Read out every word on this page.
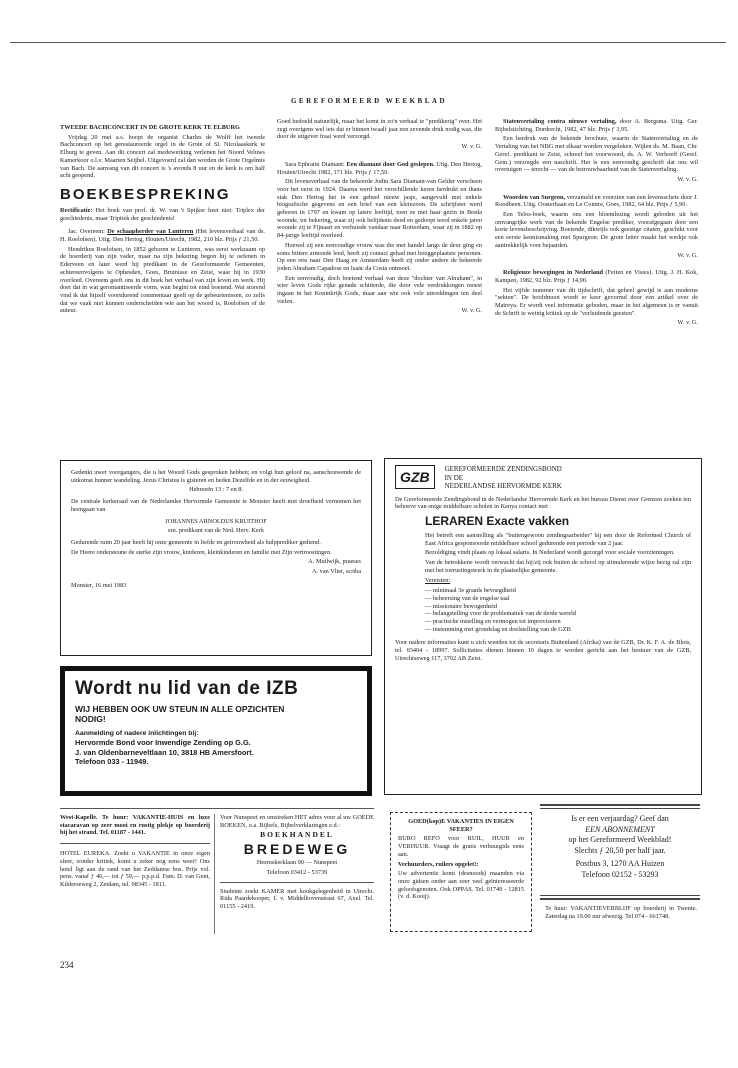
GEREFORMEERD WEEKBLAD

TWEEDE BACHCONCERT IN DE GROTE KERK TE ELBURG

Vrijdag 20 mei a.s. hoopt de organist Charles de Wolff het tweede Bachconcert op het gerestaureerde orgel in de Grote of St. Nicolaaskerk te Elburg te geven. Aan dit concert zal medewerking verlenen het Noord Veluws Kamerkoor o.l.v. Maarten Seijbel. Uitgevoerd zal dan worden de Grote Orgelmis van Bach. De aanvang van dit concert is 's avonds 8 uur en de kerk is om half acht geopend.

BOEKBESPREKING

Rectificatie: Het boek van prof. dr. W. van 't Spijker heet niet: Triplex der geschiedenis, maar Triptiek der geschiedenis!

Jac. Overeem: De schaapherder van Lunteren (Het levensverhaal van ds. H. Roelofsen). Uitg. Den Hertog, Houten/Utrecht, 1982, 210 blz. Prijs ƒ 21,50.

Hendrikus Roelofsen, in 1852 geboren te Lunteren, was eerst werkzaam op de boerderij van zijn vader, maar na zijn bekering begon hij te oefenen in Ederveen en later werd hij predikant in de Gereformeerde Gemeenten, achtereenvolgens te Ophesden, Goes, Bruinisse en Zeist, waar hij in 1930 overleed. Overeem geeft ons in dit boek het verhaal van zijn leven en werk. Hij doet dat in wat geromantiseerde vorm, wan begint tot eind boeiend. Wat storend vind ik dat hijzelf voortdurend commentaar geeft op de gebeurtenissen, zo zelfs dat we vaak niet kunnen onderscheiden wie aan het woord is, Roelofsen of de auteur.

Goed bedoeld natuurlijk, maar het komt in zo'n verhaal te "predikerig" over. Het zegt overigens wel iets dat er binnen twaalf jaar een zevende druk nodig was, die door de uitgever fraai werd verzorgd.

W. v. G.

Sara Ephraim Diamant: Een diamant door God geslepen. Uitg. Den Hertog, Houten/Utrecht 1982, 171 blz. Prijs ƒ 17,50.

Dit levensverhaal van de bekeerde Jodin Sara Diamant-van Gelder verscheen voor het eerst in 1924. Daarna werd het verschillende keren herdrukt en thans stak Den Hertog het in een geheel nieuw jasje, aangevuld met enkele biografische gegevens en een brief van een kleinzoon. De schrijfster werd geboren in 1797 en kwam op latere leeftijd, toen ze met haar gezin in Breda woonde, tot bekering, waar zij ook belijdenis deed en gedoopt werd enkele jaren woonde zij te Fijnaart en verhuisde vandaar naar Rotterdam, waar zij in 1882 op 84-jarige leeftijd overleed.

Hoewel zij een eenvoudige vrouw was die met handel langs de deur ging en soms bittere armoede leed, heeft zij contact gehad met hooggeplaatste personen. Op een reis naar Den Haag en Amsterdam heeft zij onder andere de bekeerde joden Abraham Capadose en Isaäc da Costa ontmoet.

Een eenvoudig, doch boeiend verhaal van deze "dochter van Abraham", in wier leven Gods rijke genade schitterde, die door vele verdrukkingen moest ingaan in het Koninkrijk Gods, maar aan wie ook vele uitreddingen ten deel vielen.

W. v. G.

Statenvertaling contra nieuwe vertaling, door A. Bergsma. Uitg. Ger. Bijbelstichting, Dordrecht, 1982, 47 blz. Prijs ƒ 3,95.

Een herdruk van de bekende brochure, waarin de Statenvertaling en de Vertaling van het NBG met elkaar worden vergeleken. Wijlen ds. M. Baan, Chr. Geref. predikant te Zeist, schreef het voorwoord, ds. A. W. Verhoeff (Geref. Gem.) verzorgde een naschrift. Het is een eenvoudig geschrift dat ons wil overtuigen — terecht — van de betrouwbaarheid van de Statenvertaling.

W. v. G.

Woorden van Surgeon, verzameld en voorzien van een levensschets door J. Roodbeen. Uitg. Oosterbaan en Le Cointre, Goes, 1982, 64 blz. Prijs ƒ 5,90.

Een Telos-boek, waarin ons een bloemlezing wordt geboden uit het omvangrijke werk van de bekende Engelse prediker, voorafgegaan door een korte levensbeschrijving. Boeiende, dikwijls ook geestige citaten, geschikt voor een eerste kennismaking met Spurgeon. De grote letter maakt het werkje ook aantrekkelijk voor bejaarden.

W. v. G.

Religieuze bewegingen in Nederland (Feiten en Visies). Uitg. J. H. Kok, Kampen, 1982, 92 blz. Prijs ƒ 14,90.

Het vijfde nummer van dit tijdschrift, dat geheel gewijd is aan moderne "sekten". De hoofdmoot wordt er keer gevormd door een artikel over de Matreya. Er wordt veel informatie geboden, maar in het algemeen is er vanuit de Schrift te weinig kritiek op de "verleidende geesten".

W. v. G.

Gedenkt uwer voorgangers, die u het Woord Gods gesproken hebben; en volgt hun geloof na, aanschouwende de uitkomst hunner wandeling. Jezus Christus is gisteren en heden Dezelfde en in der eeuwigheid.

Hebreeën 13 : 7 en 8.

De centrale kerkeraad van de Nederlandse Hervormde Gemeente te Monster heeft met droefheid vernomen het heengaan van

JOHANNES ARNOLDUS KRUITHOF

em. predikant van de Ned. Herv. Kerk

Gedurende ruim 20 jaar heeft hij onze gemeente in liefde en getrouwheid als hulpprediker gediend.

De Heere ondersteune de sterke zijn vrouw, kinderen, kleinkinderen en familie met Zijn vertroostingen.

A. Muilwijk, praeses

A. van Vliet, scriba

Monster, 16 mei 1983

Wordt nu lid van de IZB
WIJ HEBBEN OOK UW STEUN IN ALLE OPZICHTEN NODIG!
Aanmelding of nadere inlichtingen bij:
Hervormde Bond voor Inwendige Zending op G.G.
J. van Oldenbarneveltlaan 10, 3818 HB Amersfoort.
Telefoon 033 - 11949.
GZB	GEREFORMEERDE ZENDINGSBOND
IN DE
NEDERLANDSE HERVORMDE KERK

De Gereformeerde Zendingsbond in de Nederlandse Hervormde Kerk en het bureau Dienst over Grenzen zoeken ten behoeve van enige middelbare scholen in Kenya contact met

LERAREN Exacte vakken

Het betreft een aanstelling als "buitengewoon zendingsarbeider" bij een door de Reformed Church of East Africa gesponsoorde middelbare school gedurende een periode van 2 jaar.

Bezoldiging vindt plaats op lokaal salaris. In Nederland wordt gezorgd voor sociale voorzieningen.

Van de betrokkene wordt verwacht dat hij/zij ook buiten de school op stimulerende wijze bezig zal zijn met het toerustingswerk in de plaatselijke gemeente.

Vereisten:

— minimaal 3e graads bevoegdheid

— beheersing van de engelse taal

— missionaire bewogenheid

— belangstelling voor de problematiek van de derde wereld

— practische instelling en vermogen tot improviseren

— instemming met grondslag en doelstelling van de GZB

Voor nadere informaties kunt u zich wenden tot de secretaris Buitenland (Afrika) van de GZB, Dr. K. F. A. de Blois, tel. 03404 - 18997. Sollicitaties dienen binnen 10 dagen te worden gericht aan het bestuur van de GZB, Utrechtseweg 117, 3702 AB Zeist.

West-Kapelle. Te huur: VAKANTIE-HUIS en luxe stacaravan op zeer mooi en rustig plekje op boerderij bij het strand. Tel. 01187 - 1441.

HOTEL EUREKA. Zoekt u VAKANTIE in onze eigen sfeer, zonder kritiek, komt u zeker nog eens weer! Ons hotel ligt aan de rand van het Zeddamse bos. Prijs vol. pens. vanaf ƒ 46,— tot ƒ 59,— p.p.p.d. Fam. D. van Gent, Kilderseweg 2, Zetdam, tel. 08345 - 1811.

Voor Nunspeet en omstreken HET adres voor al uw GOEDE BOEKEN, o.a. Bijbels, Bijbelverklaringen e.d.:

BOEKHANDEL

BREDEWEG

Heemskerklaan 90 — Nunspeet

Telefoon 03412 - 53739

Studente zoekt KAMER met kookgelegenheid in Utrecht. Rida Paardekooper, I. v. Middelhovenstraat 67, Axel. Tel. 01155 - 2419.

GOED(kop)E VAKANTIES IN EIGEN SFEER?

BURO REFO voor RUIL, HUUR en VERHUUR. Vraagt de gratis verhuurgids eens aan.

Verhuurders, ruilers opgelet!:

Uw advertentie komt (desnoods) maanden via onze gidsen onder aan zeer veel geïnteresseerde geloofsgenoten. Ook OPPAS. Tel. 01749 - 12815 (v. d. Kooij).

Is er een verjaardag? Geef dan
EEN ABONNEMENT
op het Gereformeerd Weekblad!
Slechts ƒ 20,50 per half jaar.
Postbus 3, 1270 AA Huizen
Telefoon 02152 - 53293
Te huur: VAKANTIEVERBLIJF op boerderij in Twente. Zaterdag na 19.00 uur afwezig. Tel 074 - 661748.
234
